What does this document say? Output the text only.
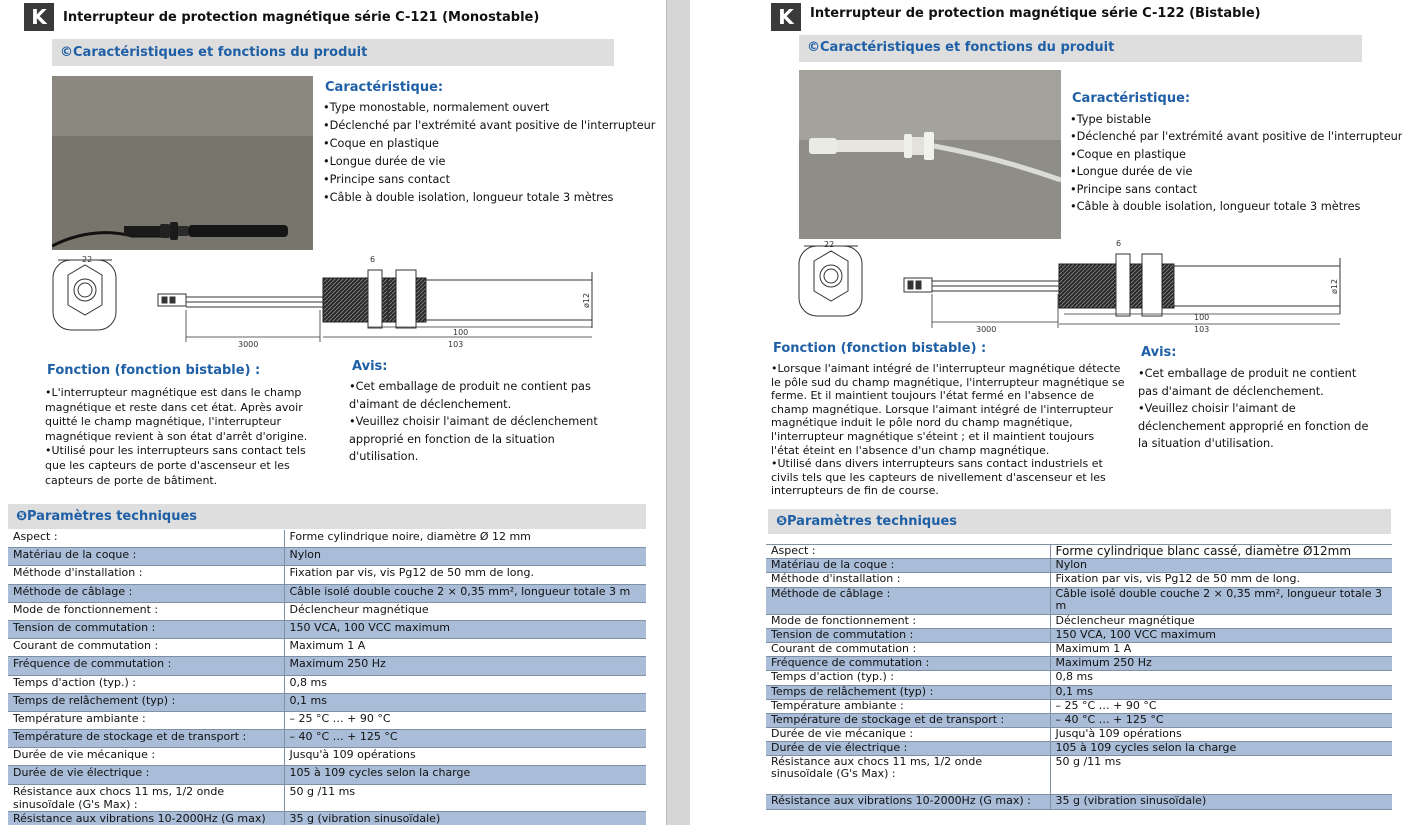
K	Interrupteur de protection magnétique série C-121 (Monostable)
©Caractéristiques et fonctions du produit
Caractéristique:
• Type monostable, normalement ouvert
• Déclenché par l'extrémité avant positive de l'interrupteur
• Coque en plastique
• Longue durée de vie
• Principe sans contact
• Câble à double isolation, longueur totale 3 mètres
22
ø12
6
3000
100
103
Fonction (fonction bistable) :

• L'interrupteur magnétique est dans le champ magnétique et reste dans cet état. Après avoir quitté le champ magnétique, l'interrupteur magnétique revient à son état d'arrêt d'origine.

• Utilisé pour les interrupteurs sans contact tels que les capteurs de porte d'ascenseur et les capteurs de porte de bâtiment.

Avis:

• Cet emballage de produit ne contient pas d'aimant de déclenchement.

• Veuillez choisir l'aimant de déclenchement approprié en fonction de la situation d'utilisation.

❺Paramètres techniques
Aspect :	Forme cylindrique noire, diamètre Ø 12 mm
Matériau de la coque :	Nylon
Méthode d'installation :	Fixation par vis, vis Pg12 de 50 mm de long.
Méthode de câblage :	Câble isolé double couche 2 × 0,35 mm², longueur totale 3 m
Mode de fonctionnement :	Déclencheur magnétique
Tension de commutation :	150 VCA, 100 VCC maximum
Courant de commutation :	Maximum 1 A
Fréquence de commutation :	Maximum 250 Hz
Temps d'action (typ.) :	0,8 ms
Temps de relâchement (typ) :	0,1 ms
Température ambiante :	– 25 °C … + 90 °C
Température de stockage et de transport :	– 40 °C … + 125 °C
Durée de vie mécanique :	Jusqu'à 109 opérations
Durée de vie électrique :	105 à 109 cycles selon la charge
Résistance aux chocs 11 ms, 1/2 onde sinusoïdale (G's Max) :	50 g /11 ms
Résistance aux vibrations 10-2000Hz (G max)	35 g (vibration sinusoïdale)
K	Interrupteur de protection magnétique série C-122 (Bistable)
©Caractéristiques et fonctions du produit
Caractéristique:
• Type bistable
• Déclenché par l'extrémité avant positive de l'interrupteur
• Coque en plastique
• Longue durée de vie
• Principe sans contact
• Câble à double isolation, longueur totale 3 mètres
22
ø12
6
3000
100
103
Fonction (fonction bistable) :

• Lorsque l'aimant intégré de l'interrupteur magnétique détecte le pôle sud du champ magnétique, l'interrupteur magnétique se ferme. Et il maintient toujours l'état fermé en l'absence de champ magnétique. Lorsque l'aimant intégré de l'interrupteur magnétique induit le pôle nord du champ magnétique, l'interrupteur magnétique s'éteint ; et il maintient toujours l'état éteint en l'absence d'un champ magnétique.

• Utilisé dans divers interrupteurs sans contact industriels et civils tels que les capteurs de nivellement d'ascenseur et les interrupteurs de fin de course.

Avis:

• Cet emballage de produit ne contient pas d'aimant de déclenchement.

• Veuillez choisir l'aimant de déclenchement approprié en fonction de la situation d'utilisation.

❺Paramètres techniques
Aspect :	Forme cylindrique blanc cassé, diamètre Ø12mm
Matériau de la coque :	Nylon
Méthode d'installation :	Fixation par vis, vis Pg12 de 50 mm de long.
Méthode de câblage :	Câble isolé double couche 2 × 0,35 mm², longueur totale 3 m
Mode de fonctionnement :	Déclencheur magnétique
Tension de commutation :	150 VCA, 100 VCC maximum
Courant de commutation :	Maximum 1 A
Fréquence de commutation :	Maximum 250 Hz
Temps d'action (typ.) :	0,8 ms
Temps de relâchement (typ) :	0,1 ms
Température ambiante :	– 25 °C … + 90 °C
Température de stockage et de transport :	– 40 °C … + 125 °C
Durée de vie mécanique :	Jusqu'à 109 opérations
Durée de vie électrique :	105 à 109 cycles selon la charge
Résistance aux chocs 11 ms, 1/2 onde sinusoïdale (G's Max) :	50 g /11 ms
Résistance aux vibrations 10-2000Hz (G max) :	35 g (vibration sinusoïdale)
